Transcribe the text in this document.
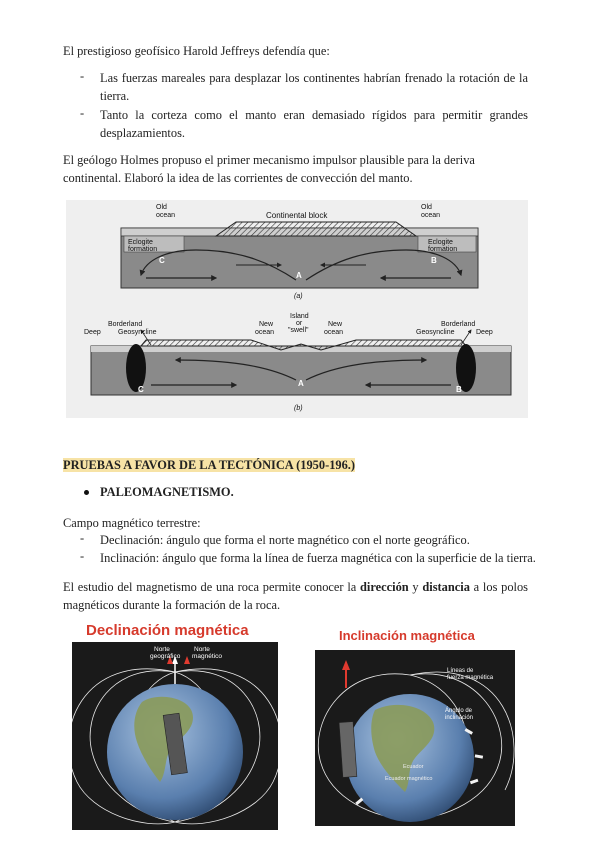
El prestigioso geofísico Harold Jeffreys defendía que:

- Las fuerzas mareales para desplazar los continentes habrían frenado la rotación de la tierra.

- Tanto la corteza como el manto eran demasiado rígidos para permitir grandes desplazamientos.

El geólogo Holmes propuso el primer mecanismo impulsor plausible para la deriva continental. Elaboró la idea de las corrientes de convección del manto.

Old
ocean
Old
ocean
Continental block
Eclogite
formation
Eclogite
formation
C
A
B
(a)
Borderland
Deep Geosyncline
New
ocean
Island
or
"swell"
New
ocean
Borderland
Geosyncline	Deep
C
A
B
(b)

PRUEBAS A FAVOR DE LA TECTÓNICA (1950-196.)

PALEOMAGNETISMO.

Campo magnético terrestre:

- Declinación: ángulo que forma el norte magnético con el norte geográfico.

- Inclinación: ángulo que forma la línea de fuerza magnética con la superficie de la tierra.

El estudio del magnetismo de una roca permite conocer la dirección y distancia a los polos magnéticos durante la formación de la roca.

Declinación magnética
Norte
geográfico
Norte
magnético
Inclinación magnética
Líneas de
fuerza magnética
Ángulo de
inclinación
Ecuador
Ecuador magnético
